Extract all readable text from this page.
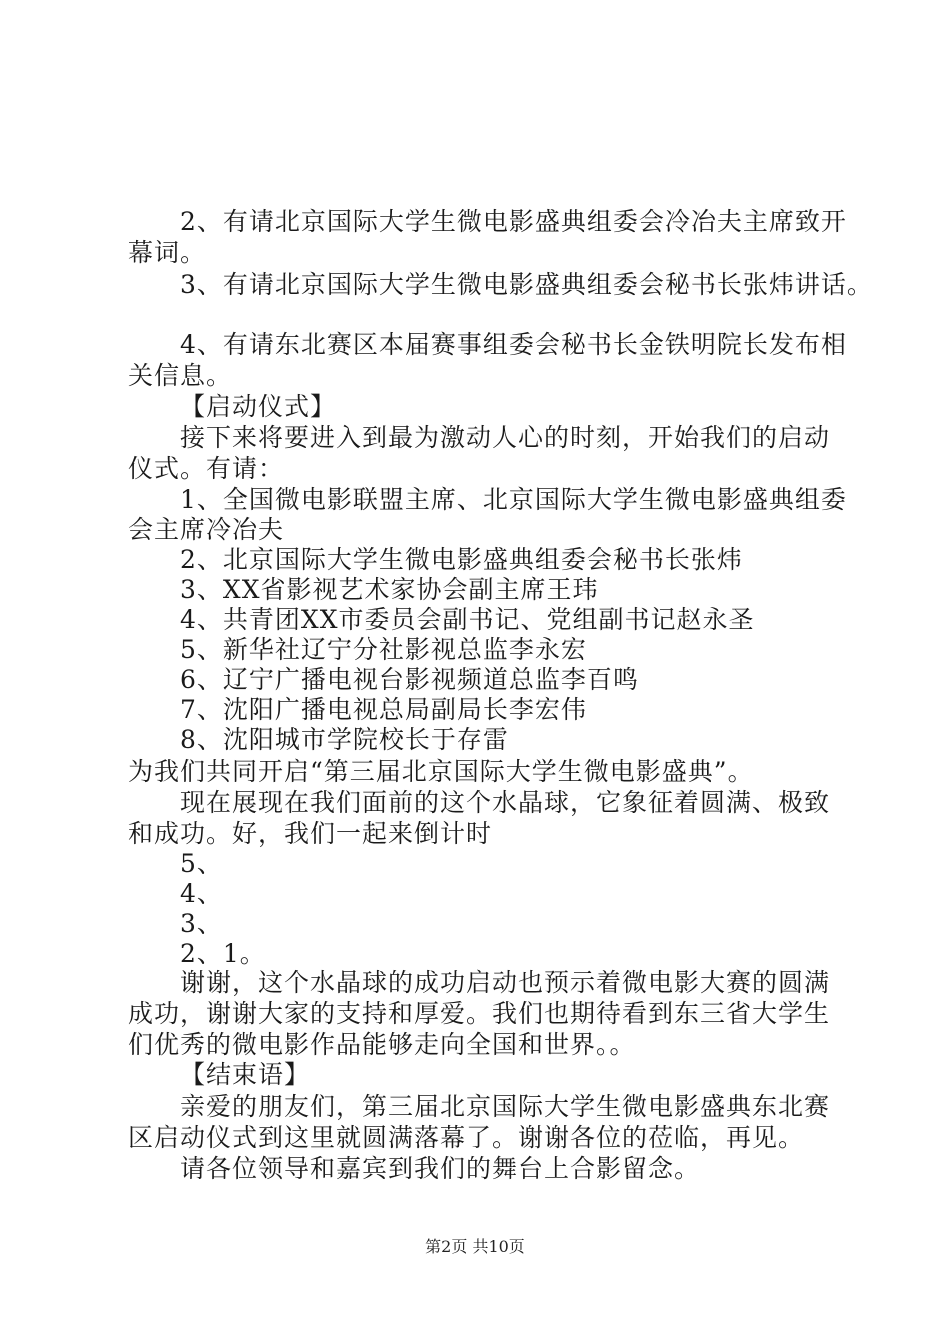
2、有请北京国际大学生微电影盛典组委会冷冶夫主席致开
幕词。
3、有请北京国际大学生微电影盛典组委会秘书长张炜讲话。
4、有请东北赛区本届赛事组委会秘书长金铁明院长发布相
关信息。
【启动仪式】
接下来将要进入到最为激动人心的时刻，开始我们的启动
仪式。有请：
1、全国微电影联盟主席、北京国际大学生微电影盛典组委
会主席冷冶夫
2、北京国际大学生微电影盛典组委会秘书长张炜
3、XX省影视艺术家协会副主席王玮
4、共青团XX市委员会副书记、党组副书记赵永圣
5、新华社辽宁分社影视总监李永宏
6、辽宁广播电视台影视频道总监李百鸣
7、沈阳广播电视总局副局长李宏伟
8、沈阳城市学院校长于存雷
为我们共同开启“第三届北京国际大学生微电影盛典”。
现在展现在我们面前的这个水晶球，它象征着圆满、极致
和成功。好，我们一起来倒计时
5、
4、
3、
2、1。
谢谢，这个水晶球的成功启动也预示着微电影大赛的圆满
成功，谢谢大家的支持和厚爱。我们也期待看到东三省大学生
们优秀的微电影作品能够走向全国和世界。。
【结束语】
亲爱的朋友们，第三届北京国际大学生微电影盛典东北赛
区启动仪式到这里就圆满落幕了。谢谢各位的莅临，再见。
请各位领导和嘉宾到我们的舞台上合影留念。
第2页 共10页
